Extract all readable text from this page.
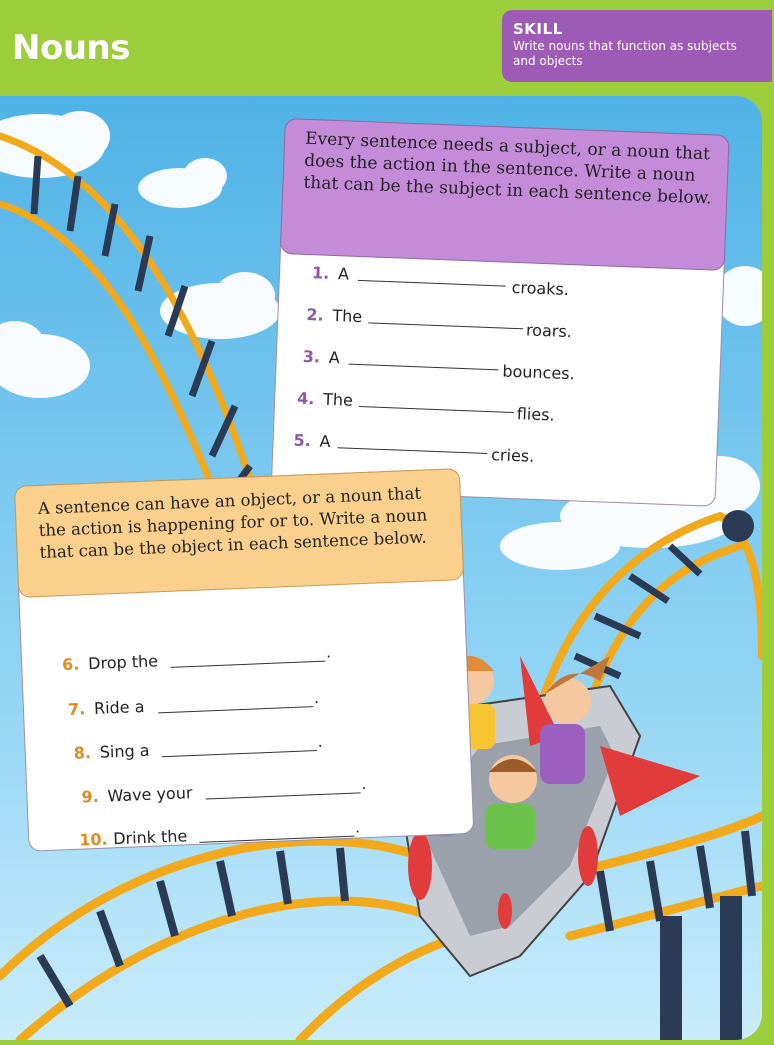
Nouns	SKILL
Write nouns that function as subjects and objects
Every sentence needs a subject, or a noun that does the action in the sentence. Write a noun that can be the subject in each sentence below.
1. A
croaks.
2. The
roars.
3. A
bounces.
4. The
flies.
5. A
cries.
A sentence can have an object, or a noun that the action is happening for or to. Write a noun that can be the object in each sentence below.
6. Drop the	.
7. Ride a	.
8. Sing a	.
9. Wave your	.
10. Drink the	.
